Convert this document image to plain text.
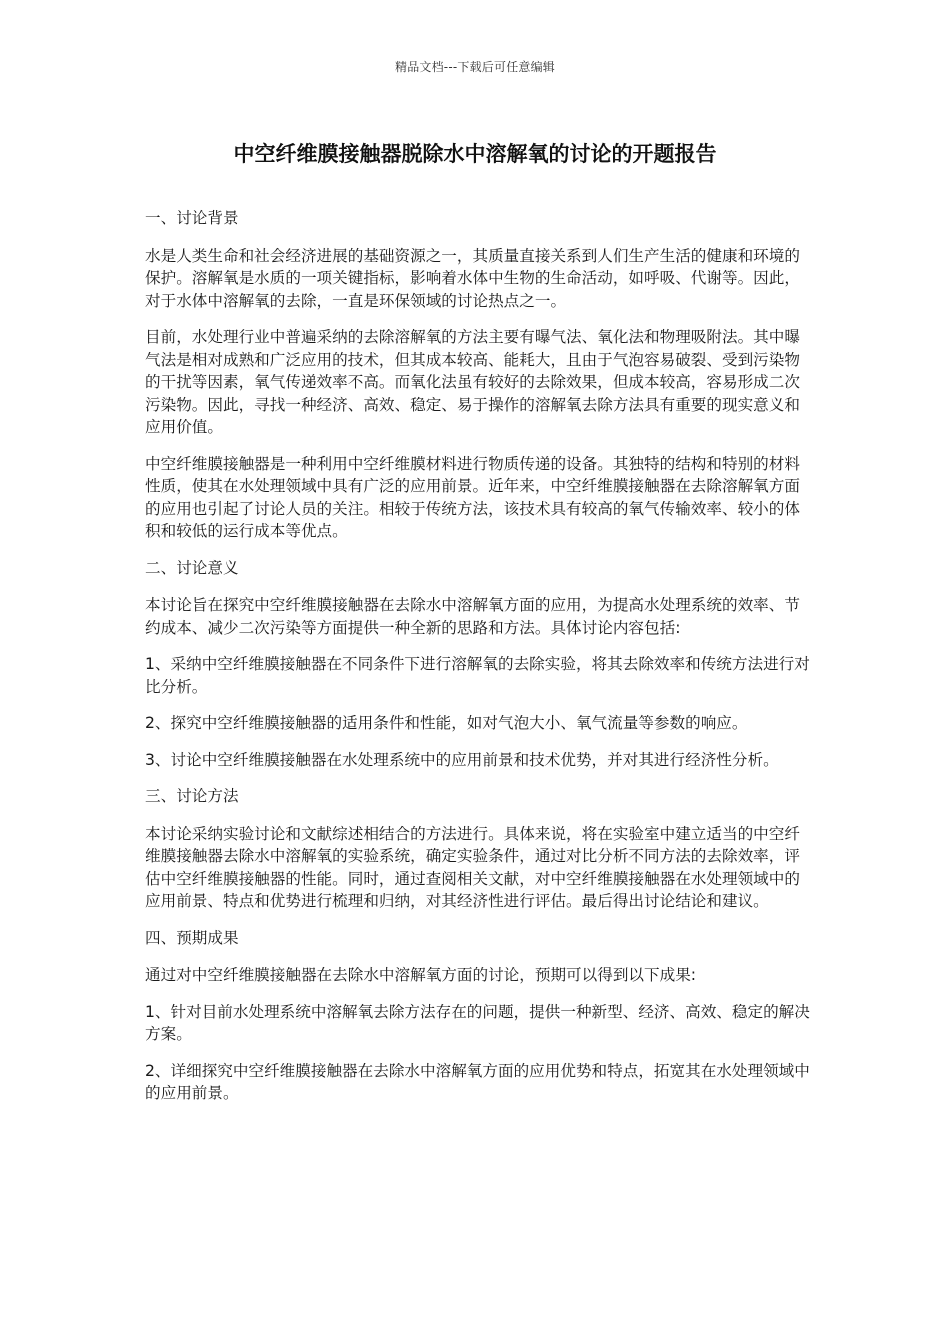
精品文档---下载后可任意编辑
中空纤维膜接触器脱除水中溶解氧的讨论的开题报告

一、讨论背景

水是人类生命和社会经济进展的基础资源之一，其质量直接关系到人们生产生活的健康和环境的保护。溶解氧是水质的一项关键指标，影响着水体中生物的生命活动，如呼吸、代谢等。因此，对于水体中溶解氧的去除，一直是环保领域的讨论热点之一。

目前，水处理行业中普遍采纳的去除溶解氧的方法主要有曝气法、氧化法和物理吸附法。其中曝气法是相对成熟和广泛应用的技术，但其成本较高、能耗大，且由于气泡容易破裂、受到污染物的干扰等因素，氧气传递效率不高。而氧化法虽有较好的去除效果，但成本较高，容易形成二次污染物。因此，寻找一种经济、高效、稳定、易于操作的溶解氧去除方法具有重要的现实意义和应用价值。

中空纤维膜接触器是一种利用中空纤维膜材料进行物质传递的设备。其独特的结构和特别的材料性质，使其在水处理领域中具有广泛的应用前景。近年来，中空纤维膜接触器在去除溶解氧方面的应用也引起了讨论人员的关注。相较于传统方法，该技术具有较高的氧气传输效率、较小的体积和较低的运行成本等优点。

二、讨论意义

本讨论旨在探究中空纤维膜接触器在去除水中溶解氧方面的应用，为提高水处理系统的效率、节约成本、减少二次污染等方面提供一种全新的思路和方法。具体讨论内容包括:

1、采纳中空纤维膜接触器在不同条件下进行溶解氧的去除实验，将其去除效率和传统方法进行对比分析。

2、探究中空纤维膜接触器的适用条件和性能，如对气泡大小、氧气流量等参数的响应。

3、讨论中空纤维膜接触器在水处理系统中的应用前景和技术优势，并对其进行经济性分析。

三、讨论方法

本讨论采纳实验讨论和文献综述相结合的方法进行。具体来说，将在实验室中建立适当的中空纤维膜接触器去除水中溶解氧的实验系统，确定实验条件，通过对比分析不同方法的去除效率，评估中空纤维膜接触器的性能。同时，通过查阅相关文献，对中空纤维膜接触器在水处理领域中的应用前景、特点和优势进行梳理和归纳，对其经济性进行评估。最后得出讨论结论和建议。

四、预期成果

通过对中空纤维膜接触器在去除水中溶解氧方面的讨论，预期可以得到以下成果:

1、针对目前水处理系统中溶解氧去除方法存在的问题，提供一种新型、经济、高效、稳定的解决方案。

2、详细探究中空纤维膜接触器在去除水中溶解氧方面的应用优势和特点，拓宽其在水处理领域中的应用前景。
